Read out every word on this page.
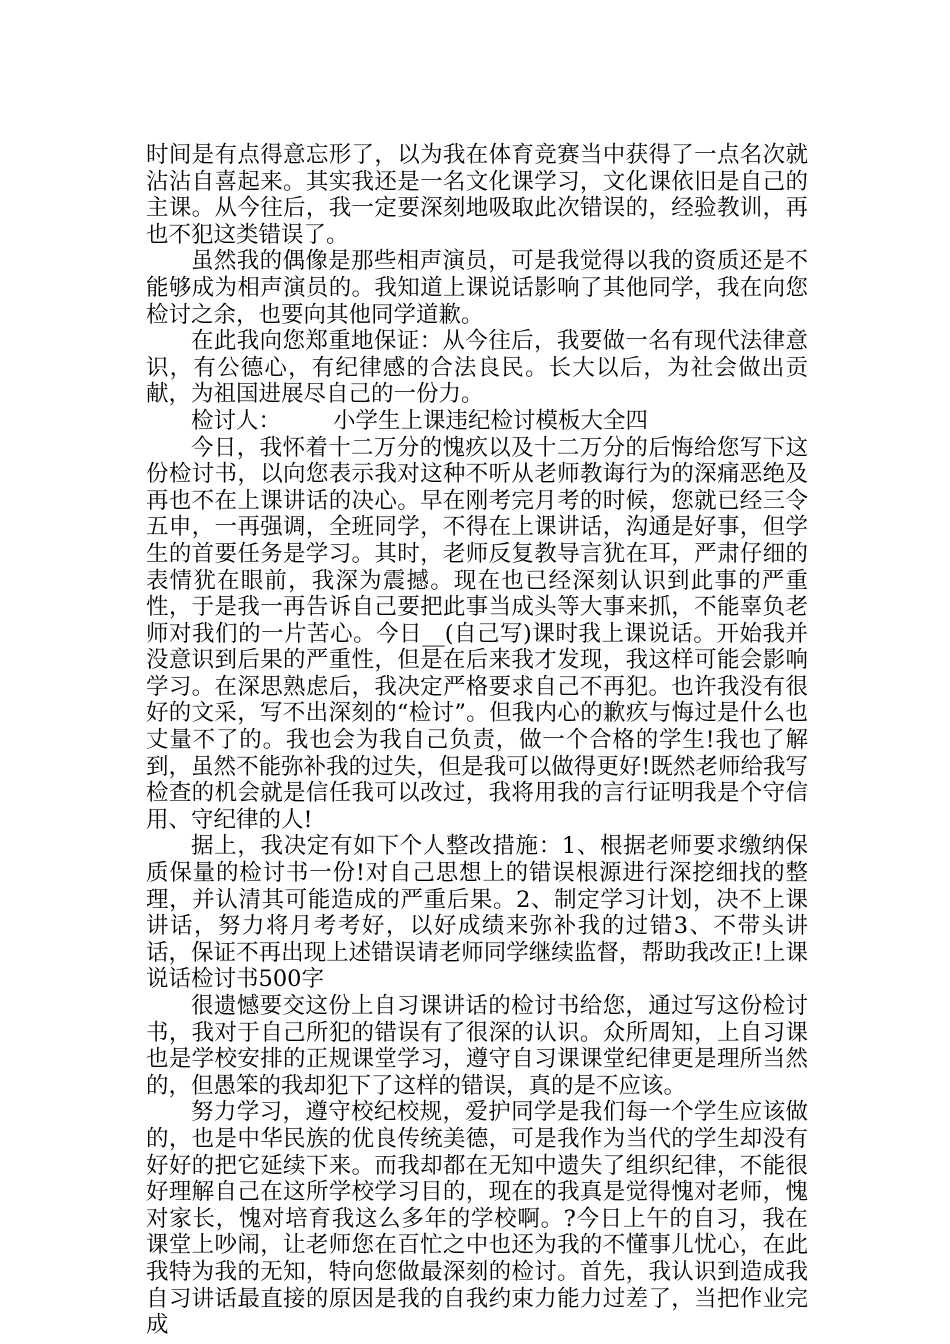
时间是有点得意忘形了，以为我在体育竞赛当中获得了一点名次就沾沾自喜起来。其实我还是一名文化课学习，文化课依旧是自己的主课。从今往后，我一定要深刻地吸取此次错误的，经验教训，再也不犯这类错误了。

虽然我的偶像是那些相声演员，可是我觉得以我的资质还是不能够成为相声演员的。我知道上课说话影响了其他同学，我在向您检讨之余，也要向其他同学道歉。

在此我向您郑重地保证：从今往后，我要做一名有现代法律意识，有公德心，有纪律感的合法良民。长大以后，为社会做出贡献，为祖国进展尽自己的一份力。

检讨人： 小学生上课违纪检讨模板大全四

今日，我怀着十二万分的愧疚以及十二万分的后悔给您写下这份检讨书，以向您表示我对这种不听从老师教诲行为的深痛恶绝及再也不在上课讲话的决心。早在刚考完月考的时候，您就已经三令五申，一再强调，全班同学，不得在上课讲话，沟通是好事，但学生的首要任务是学习。其时，老师反复教导言犹在耳，严肃仔细的表情犹在眼前，我深为震撼。现在也已经深刻认识到此事的严重性，于是我一再告诉自己要把此事当成头等大事来抓，不能辜负老师对我们的一片苦心。今日__(自己写)课时我上课说话。开始我并没意识到后果的严重性，但是在后来我才发现，我这样可能会影响学习。在深思熟虑后，我决定严格要求自己不再犯。也许我没有很好的文采，写不出深刻的“检讨”。但我内心的歉疚与悔过是什么也丈量不了的。我也会为我自己负责，做一个合格的学生!我也了解到，虽然不能弥补我的过失，但是我可以做得更好!既然老师给我写检查的机会就是信任我可以改过，我将用我的言行证明我是个守信用、守纪律的人!

据上，我决定有如下个人整改措施：1、根据老师要求缴纳保质保量的检讨书一份!对自己思想上的错误根源进行深挖细找的整理，并认清其可能造成的严重后果。2、制定学习计划，决不上课讲话，努力将月考考好，以好成绩来弥补我的过错3、不带头讲话，保证不再出现上述错误请老师同学继续监督，帮助我改正!上课说话检讨书500字

很遗憾要交这份上自习课讲话的检讨书给您，通过写这份检讨书，我对于自己所犯的错误有了很深的认识。众所周知，上自习课也是学校安排的正规课堂学习，遵守自习课课堂纪律更是理所当然的，但愚笨的我却犯下了这样的错误，真的是不应该。

努力学习，遵守校纪校规，爱护同学是我们每一个学生应该做的，也是中华民族的优良传统美德，可是我作为当代的学生却没有好好的把它延续下来。而我却都在无知中遗失了组织纪律，不能很好理解自己在这所学校学习目的，现在的我真是觉得愧对老师，愧对家长，愧对培育我这么多年的学校啊。?今日上午的自习，我在课堂上吵闹，让老师您在百忙之中也还为我的不懂事儿忧心，在此我特为我的无知，特向您做最深刻的检讨。首先，我认识到造成我自习讲话最直接的原因是我的自我约束力能力过差了，当把作业完成
